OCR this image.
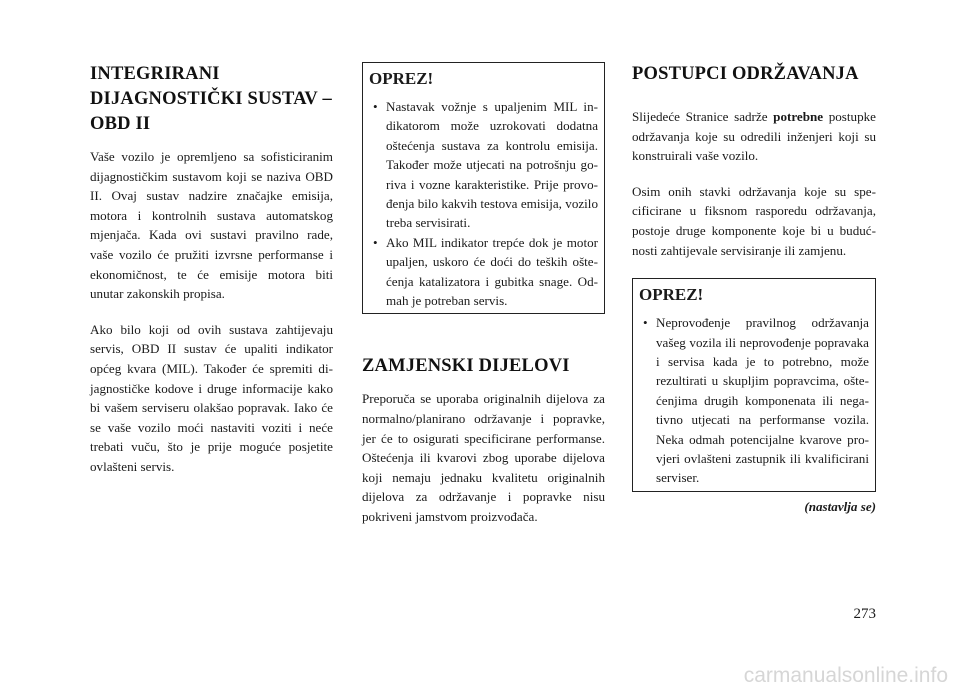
INTEGRIRANI
DIJAGNOSTIČKI SUSTAV –
OBD II

Vaše vozilo je opremljeno sa sofisticiranim dijagnostičkim sustavom koji se naziva OBD II. Ovaj sustav nadzire značajke emisija, motora i kontrolnih sustava automatskog mjenjača. Kada ovi sustavi pravilno rade, vaše vozilo će pružiti izvrsne performanse i ekonomičnost, te će emisije motora biti unutar zakonskih propisa.

Ako bilo koji od ovih sustava zahtijevaju servis, OBD II sustav će upaliti indikator općeg kvara (MIL). Također će spremiti dijagnostičke kodove i druge informacije kako bi vašem serviseru olakšao popravak. Iako će se vaše vozilo moći nastaviti voziti i neće trebati vuču, što je prije moguće posjetite ovlašteni servis.

OPREZ!
• Nastavak vožnje s upaljenim MIL indikatorom može uzrokovati dodatna oštećenja sustava za kontrolu emisija. Također može utjecati na potrošnju goriva i vozne karakteristike. Prije provođenja bilo kakvih testova emisija, vozilo treba servisirati.
• Ako MIL indikator trepće dok je motor upaljen, uskoro će doći do teških oštećenja katalizatora i gubitka snage. Odmah je potreban servis.
ZAMJENSKI DIJELOVI

Preporuča se uporaba originalnih dijelova za normalno/planirano održavanje i popravke, jer će to osigurati specificirane performanse. Oštećenja ili kvarovi zbog uporabe dijelova koji nemaju jednaku kvalitetu originalnih dijelova za održavanje i popravke nisu pokriveni jamstvom proizvođača.

POSTUPCI ODRŽAVANJA

Slijedeće Stranice sadrže potrebne postupke održavanja koje su odredili inženjeri koji su konstruirali vaše vozilo.

Osim onih stavki održavanja koje su specificirane u fiksnom rasporedu održavanja, postoje druge komponente koje bi u budućnosti zahtijevale servisiranje ili zamjenu.

OPREZ!
• Neprovođenje pravilnog održavanja vašeg vozila ili neprovođenje popravaka i servisa kada je to potrebno, može rezultirati u skupljim popravcima, oštećenjima drugih komponenata ili negativno utjecati na performanse vozila. Neka odmah potencijalne kvarove provjeri ovlašteni zastupnik ili kvalificirani serviser.
(nastavlja se)
273
carmanualsonline.info
